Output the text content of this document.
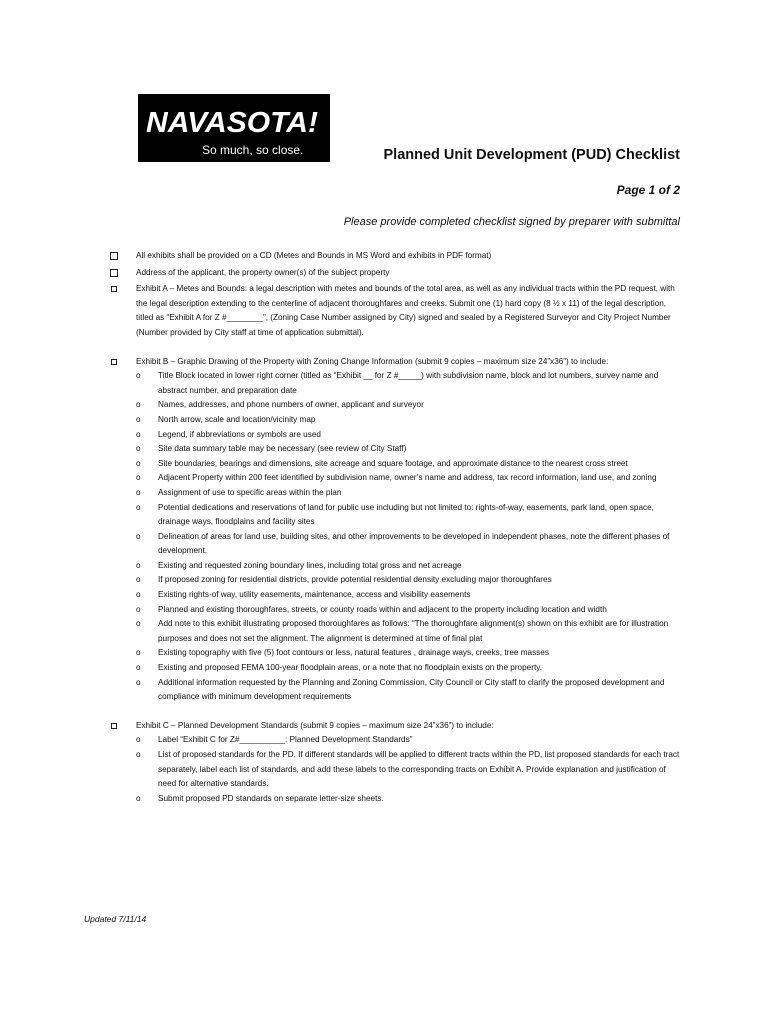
NAVASOTA!
So much, so close.	Planned Unit Development (PUD) Checklist
Page 1 of 2
Please provide completed checklist signed by preparer with submittal
All exhibits shall be provided on a CD (Metes and Bounds in MS Word and exhibits in PDF format)
Address of the applicant, the property owner(s) of the subject property
Exhibit A – Metes and Bounds: a legal description with metes and bounds of the total area, as well as any individual tracts within the PD request, with the legal description extending to the centerline of adjacent thoroughfares and creeks. Submit one (1) hard copy (8 ½ x 11) of the legal description, titled as “Exhibit A for Z #________”, (Zoning Case Number assigned by City) signed and sealed by a Registered Surveyor and City Project Number (Number provided by City staff at time of application submittal).
Exhibit B – Graphic Drawing of the Property with Zoning Change Information (submit 9 copies – maximum size 24”x36”) to include:
o	Title Block located in lower right corner (titled as “Exhibit __ for Z #_____) with subdivision name, block and lot numbers, survey name and abstract number, and preparation date
o	Names, addresses, and phone numbers of owner, applicant and surveyor
o	North arrow, scale and location/vicinity map
o	Legend, if abbreviations or symbols are used
o	Site data summary table may be necessary (see review of City Staff)
o	Site boundaries, bearings and dimensions, site acreage and square footage, and approximate distance to the nearest cross street
o	Adjacent Property within 200 feet identified by subdivision name, owner’s name and address, tax record information, land use, and zoning
o	Assignment of use to specific areas within the plan
o	Potential dedications and reservations of land for public use including but not limited to: rights-of-way, easements, park land, open space, drainage ways, floodplains and facility sites
o	Delineation of areas for land use, building sites, and other improvements to be developed in independent phases, note the different phases of development.
o	Existing and requested zoning boundary lines, including total gross and net acreage
o	If proposed zoning for residential districts, provide potential residential density excluding major thoroughfares
o	Existing rights-of way, utility easements, maintenance, access and visibility easements
o	Planned and existing thoroughfares, streets, or county roads within and adjacent to the property including location and width
o	Add note to this exhibit illustrating proposed thoroughfares as follows: “The thoroughfare alignment(s) shown on this exhibit are for illustration purposes and does not set the alignment. The alignment is determined at time of final plat
o	Existing topography with five (5) foot contours or less, natural features , drainage ways, creeks, tree masses
o	Existing and proposed FEMA 100-year floodplain areas, or a note that no floodplain exists on the property.
o	Additional information requested by the Planning and Zoning Commission, City Council or City staff to clarify the proposed development and compliance with minimum development requirements
Exhibit C – Planned Development Standards (submit 9 copies – maximum size 24”x36”) to include:
o	Label “Exhibit C for Z#__________: Planned Development Standards”
o	List of proposed standards for the PD. If different standards will be applied to different tracts within the PD, list proposed standards for each tract separately, label each list of standards, and add these labels to the corresponding tracts on Exhibit A. Provide explanation and justification of need for alternative standards.
o	Submit proposed PD standards on separate letter-size sheets.
Updated 7/11/14
